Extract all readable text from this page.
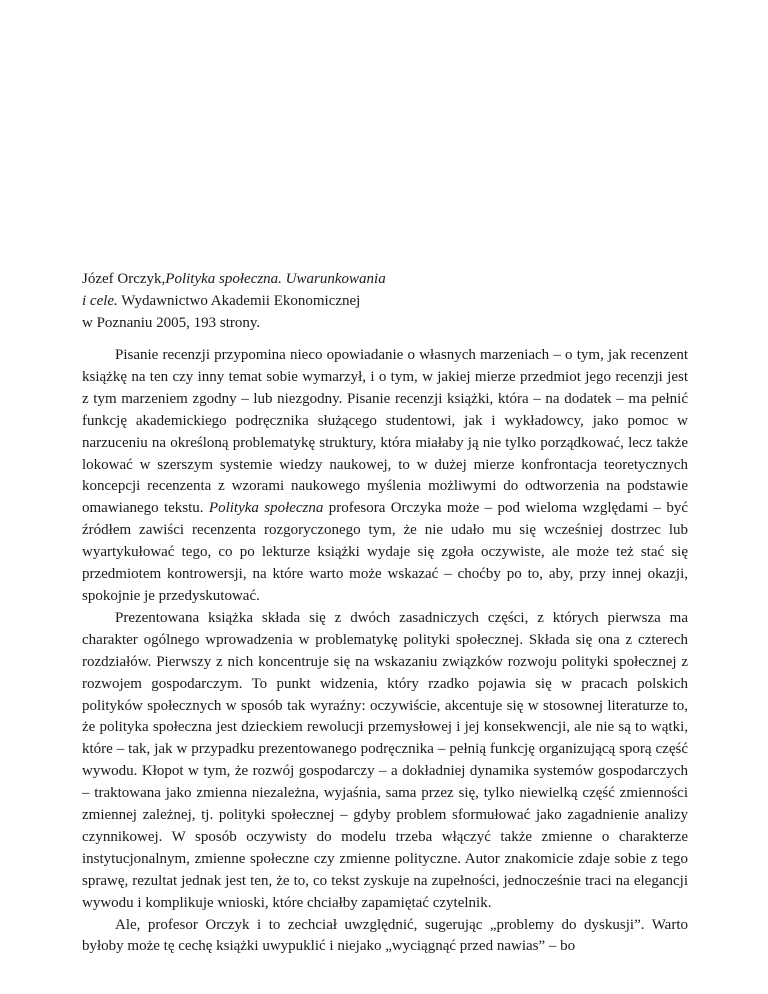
Józef Orczyk,Polityka społeczna. Uwarunkowania
i cele. Wydawnictwo Akademii Ekonomicznej
w Poznaniu 2005, 193 strony.

Pisanie recenzji przypomina nieco opowiadanie o własnych marzeniach – o tym, jak recenzent książkę na ten czy inny temat sobie wymarzył, i o tym, w jakiej mierze przedmiot jego recenzji jest z tym marzeniem zgodny – lub niezgodny. Pisanie recenzji książki, która – na dodatek – ma pełnić funkcję akademickiego podręcznika służącego studentowi, jak i wykładowcy, jako pomoc w narzuceniu na określoną problematykę struktury, która miałaby ją nie tylko porządkować, lecz także lokować w szerszym systemie wiedzy naukowej, to w dużej mierze konfrontacja teoretycznych koncepcji recenzenta z wzorami naukowego myślenia możliwymi do odtworzenia na podstawie omawianego tekstu. Polityka społeczna profesora Orczyka może – pod wieloma względami – być źródłem zawiści recenzenta rozgoryczonego tym, że nie udało mu się wcześniej dostrzec lub wyartykułować tego, co po lekturze książki wydaje się zgoła oczywiste, ale może też stać się przedmiotem kontrowersji, na które warto może wskazać – choćby po to, aby, przy innej okazji, spokojnie je przedyskutować.

Prezentowana książka składa się z dwóch zasadniczych części, z których pierwsza ma charakter ogólnego wprowadzenia w problematykę polityki społecznej. Składa się ona z czterech rozdziałów. Pierwszy z nich koncentruje się na wskazaniu związków rozwoju polityki społecznej z rozwojem gospodarczym. To punkt widzenia, który rzadko pojawia się w pracach polskich polityków społecznych w sposób tak wyraźny: oczywiście, akcentuje się w stosownej literaturze to, że polityka społeczna jest dzieckiem rewolucji przemysłowej i jej konsekwencji, ale nie są to wątki, które – tak, jak w przypadku prezentowanego podręcznika – pełnią funkcję organizującą sporą część wywodu. Kłopot w tym, że rozwój gospodarczy – a dokładniej dynamika systemów gospodarczych – traktowana jako zmienna niezależna, wyjaśnia, sama przez się, tylko niewielką część zmienności zmiennej zależnej, tj. polityki społecznej – gdyby problem sformułować jako zagadnienie analizy czynnikowej. W sposób oczywisty do modelu trzeba włączyć także zmienne o charakterze instytucjonalnym, zmienne społeczne czy zmienne polityczne. Autor znakomicie zdaje sobie z tego sprawę, rezultat jednak jest ten, że to, co tekst zyskuje na zupełności, jednocześnie traci na elegancji wywodu i komplikuje wnioski, które chciałby zapamiętać czytelnik.

Ale, profesor Orczyk i to zechciał uwzględnić, sugerując „problemy do dyskusji”. Warto byłoby może tę cechę książki uwypuklić i niejako „wyciągnąć przed nawias” – bo
